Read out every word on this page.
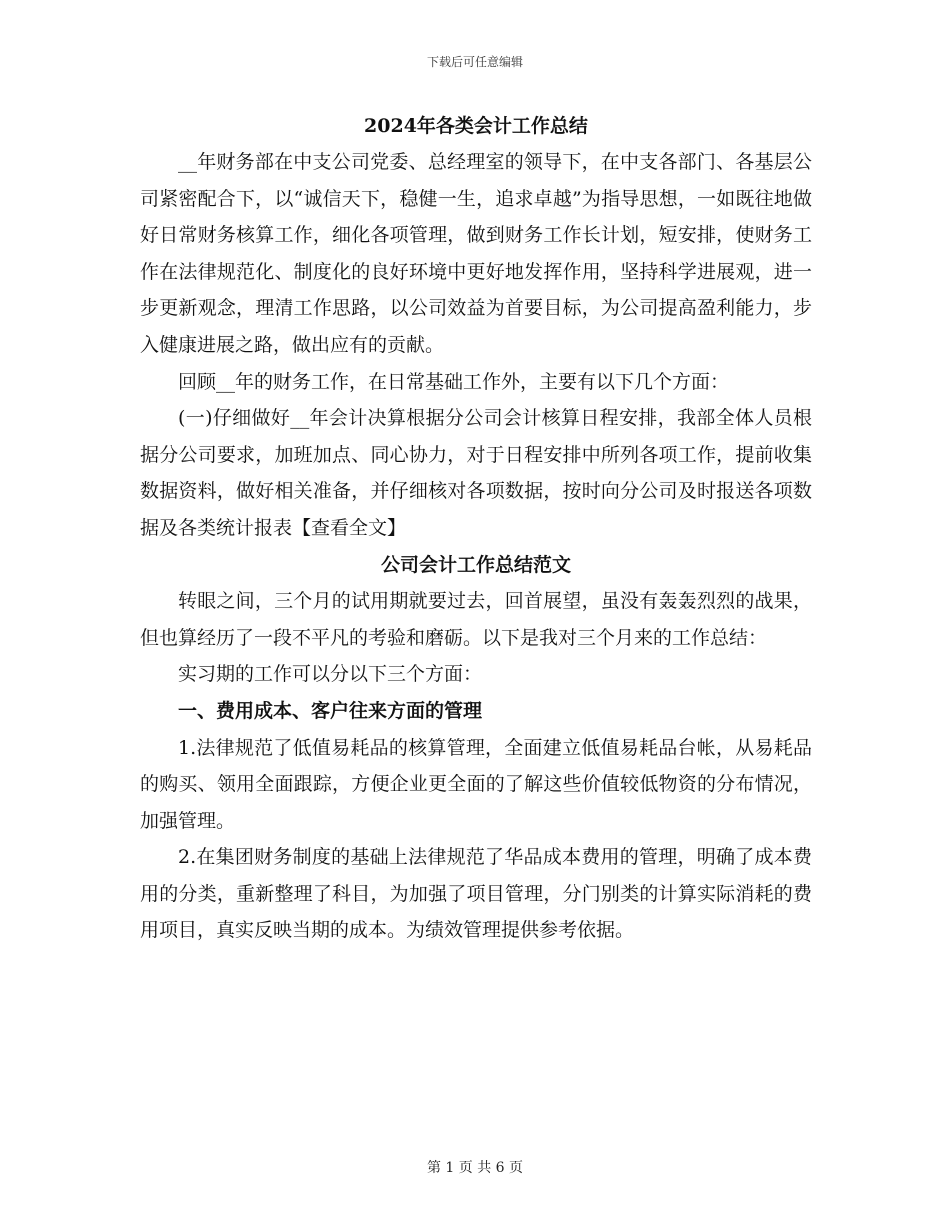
下载后可任意编辑
2024年各类会计工作总结

__年财务部在中支公司党委、总经理室的领导下，在中支各部门、各基层公司紧密配合下，以“诚信天下，稳健一生，追求卓越”为指导思想，一如既往地做好日常财务核算工作，细化各项管理，做到财务工作长计划，短安排，使财务工作在法律规范化、制度化的良好环境中更好地发挥作用，坚持科学进展观，进一步更新观念，理清工作思路，以公司效益为首要目标，为公司提高盈利能力，步入健康进展之路，做出应有的贡献。

回顾__年的财务工作，在日常基础工作外，主要有以下几个方面：

(一)仔细做好__年会计决算根据分公司会计核算日程安排，我部全体人员根据分公司要求，加班加点、同心协力，对于日程安排中所列各项工作，提前收集数据资料，做好相关准备，并仔细核对各项数据，按时向分公司及时报送各项数据及各类统计报表【查看全文】

公司会计工作总结范文

转眼之间，三个月的试用期就要过去，回首展望，虽没有轰轰烈烈的战果，但也算经历了一段不平凡的考验和磨砺。以下是我对三个月来的工作总结：

实习期的工作可以分以下三个方面：

一、费用成本、客户往来方面的管理

1.法律规范了低值易耗品的核算管理，全面建立低值易耗品台帐，从易耗品的购买、领用全面跟踪，方便企业更全面的了解这些价值较低物资的分布情况，加强管理。

2.在集团财务制度的基础上法律规范了华品成本费用的管理，明确了成本费用的分类，重新整理了科目，为加强了项目管理，分门别类的计算实际消耗的费用项目，真实反映当期的成本。为绩效管理提供参考依据。

第 1 页 共 6 页
